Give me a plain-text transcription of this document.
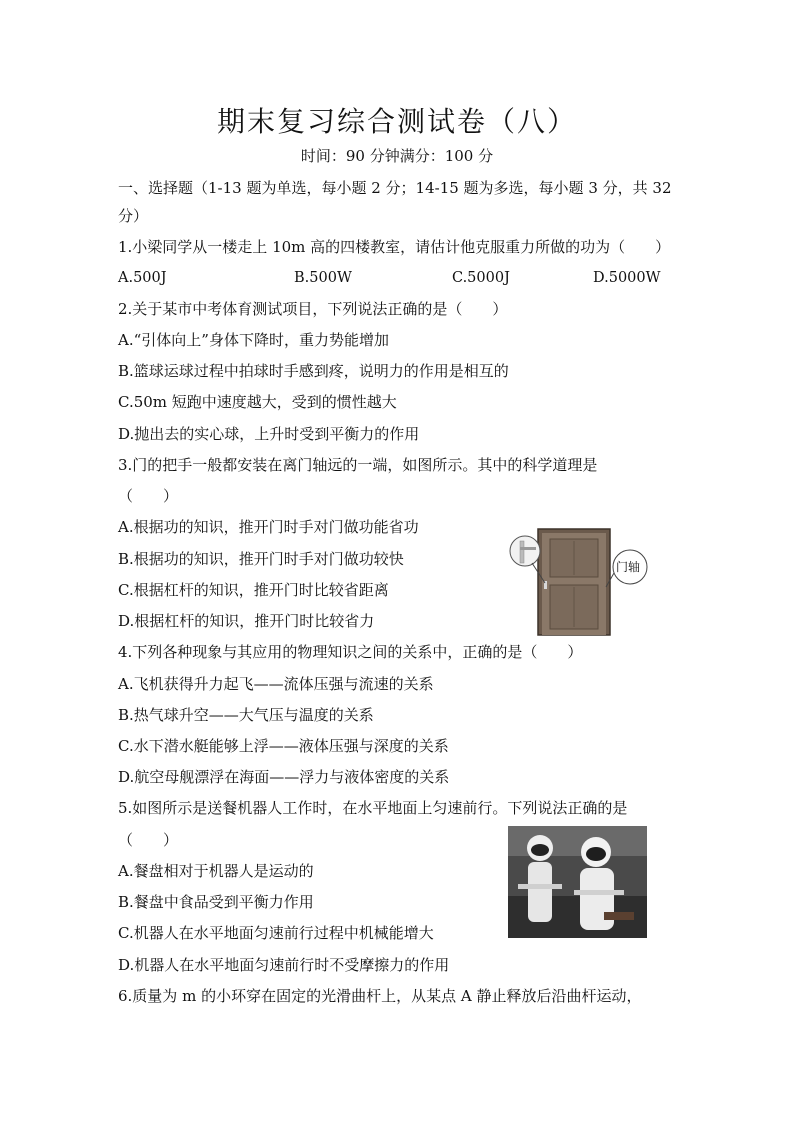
期末复习综合测试卷（八）
时间：90 分钟满分：100 分
一、选择题（1-13 题为单选，每小题 2 分；14-15 题为多选，每小题 3 分，共 32
分）
1.小梁同学从一楼走上 10m 高的四楼教室，请估计他克服重力所做的功为（　　）
A.500J	B.500W	C.5000J	D.5000W
2.关于某市中考体育测试项目，下列说法正确的是（　　）
A.“引体向上”身体下降时，重力势能增加
B.篮球运球过程中拍球时手感到疼，说明力的作用是相互的
C.50m 短跑中速度越大，受到的惯性越大
D.抛出去的实心球，上升时受到平衡力的作用
3.门的把手一般都安装在离门轴远的一端，如图所示。其中的科学道理是
（　　）
A.根据功的知识，推开门时手对门做功能省功
B.根据功的知识，推开门时手对门做功较快
C.根据杠杆的知识，推开门时比较省距离
D.根据杠杆的知识，推开门时比较省力
门轴
4.下列各种现象与其应用的物理知识之间的关系中，正确的是（　　）
A.飞机获得升力起飞——流体压强与流速的关系
B.热气球升空——大气压与温度的关系
C.水下潜水艇能够上浮——液体压强与深度的关系
D.航空母舰漂浮在海面——浮力与液体密度的关系
5.如图所示是送餐机器人工作时，在水平地面上匀速前行。下列说法正确的是
（　　）
A.餐盘相对于机器人是运动的
B.餐盘中食品受到平衡力作用
C.机器人在水平地面匀速前行过程中机械能增大
D.机器人在水平地面匀速前行时不受摩擦力的作用
6.质量为 m 的小环穿在固定的光滑曲杆上，从某点 A 静止释放后沿曲杆运动，
